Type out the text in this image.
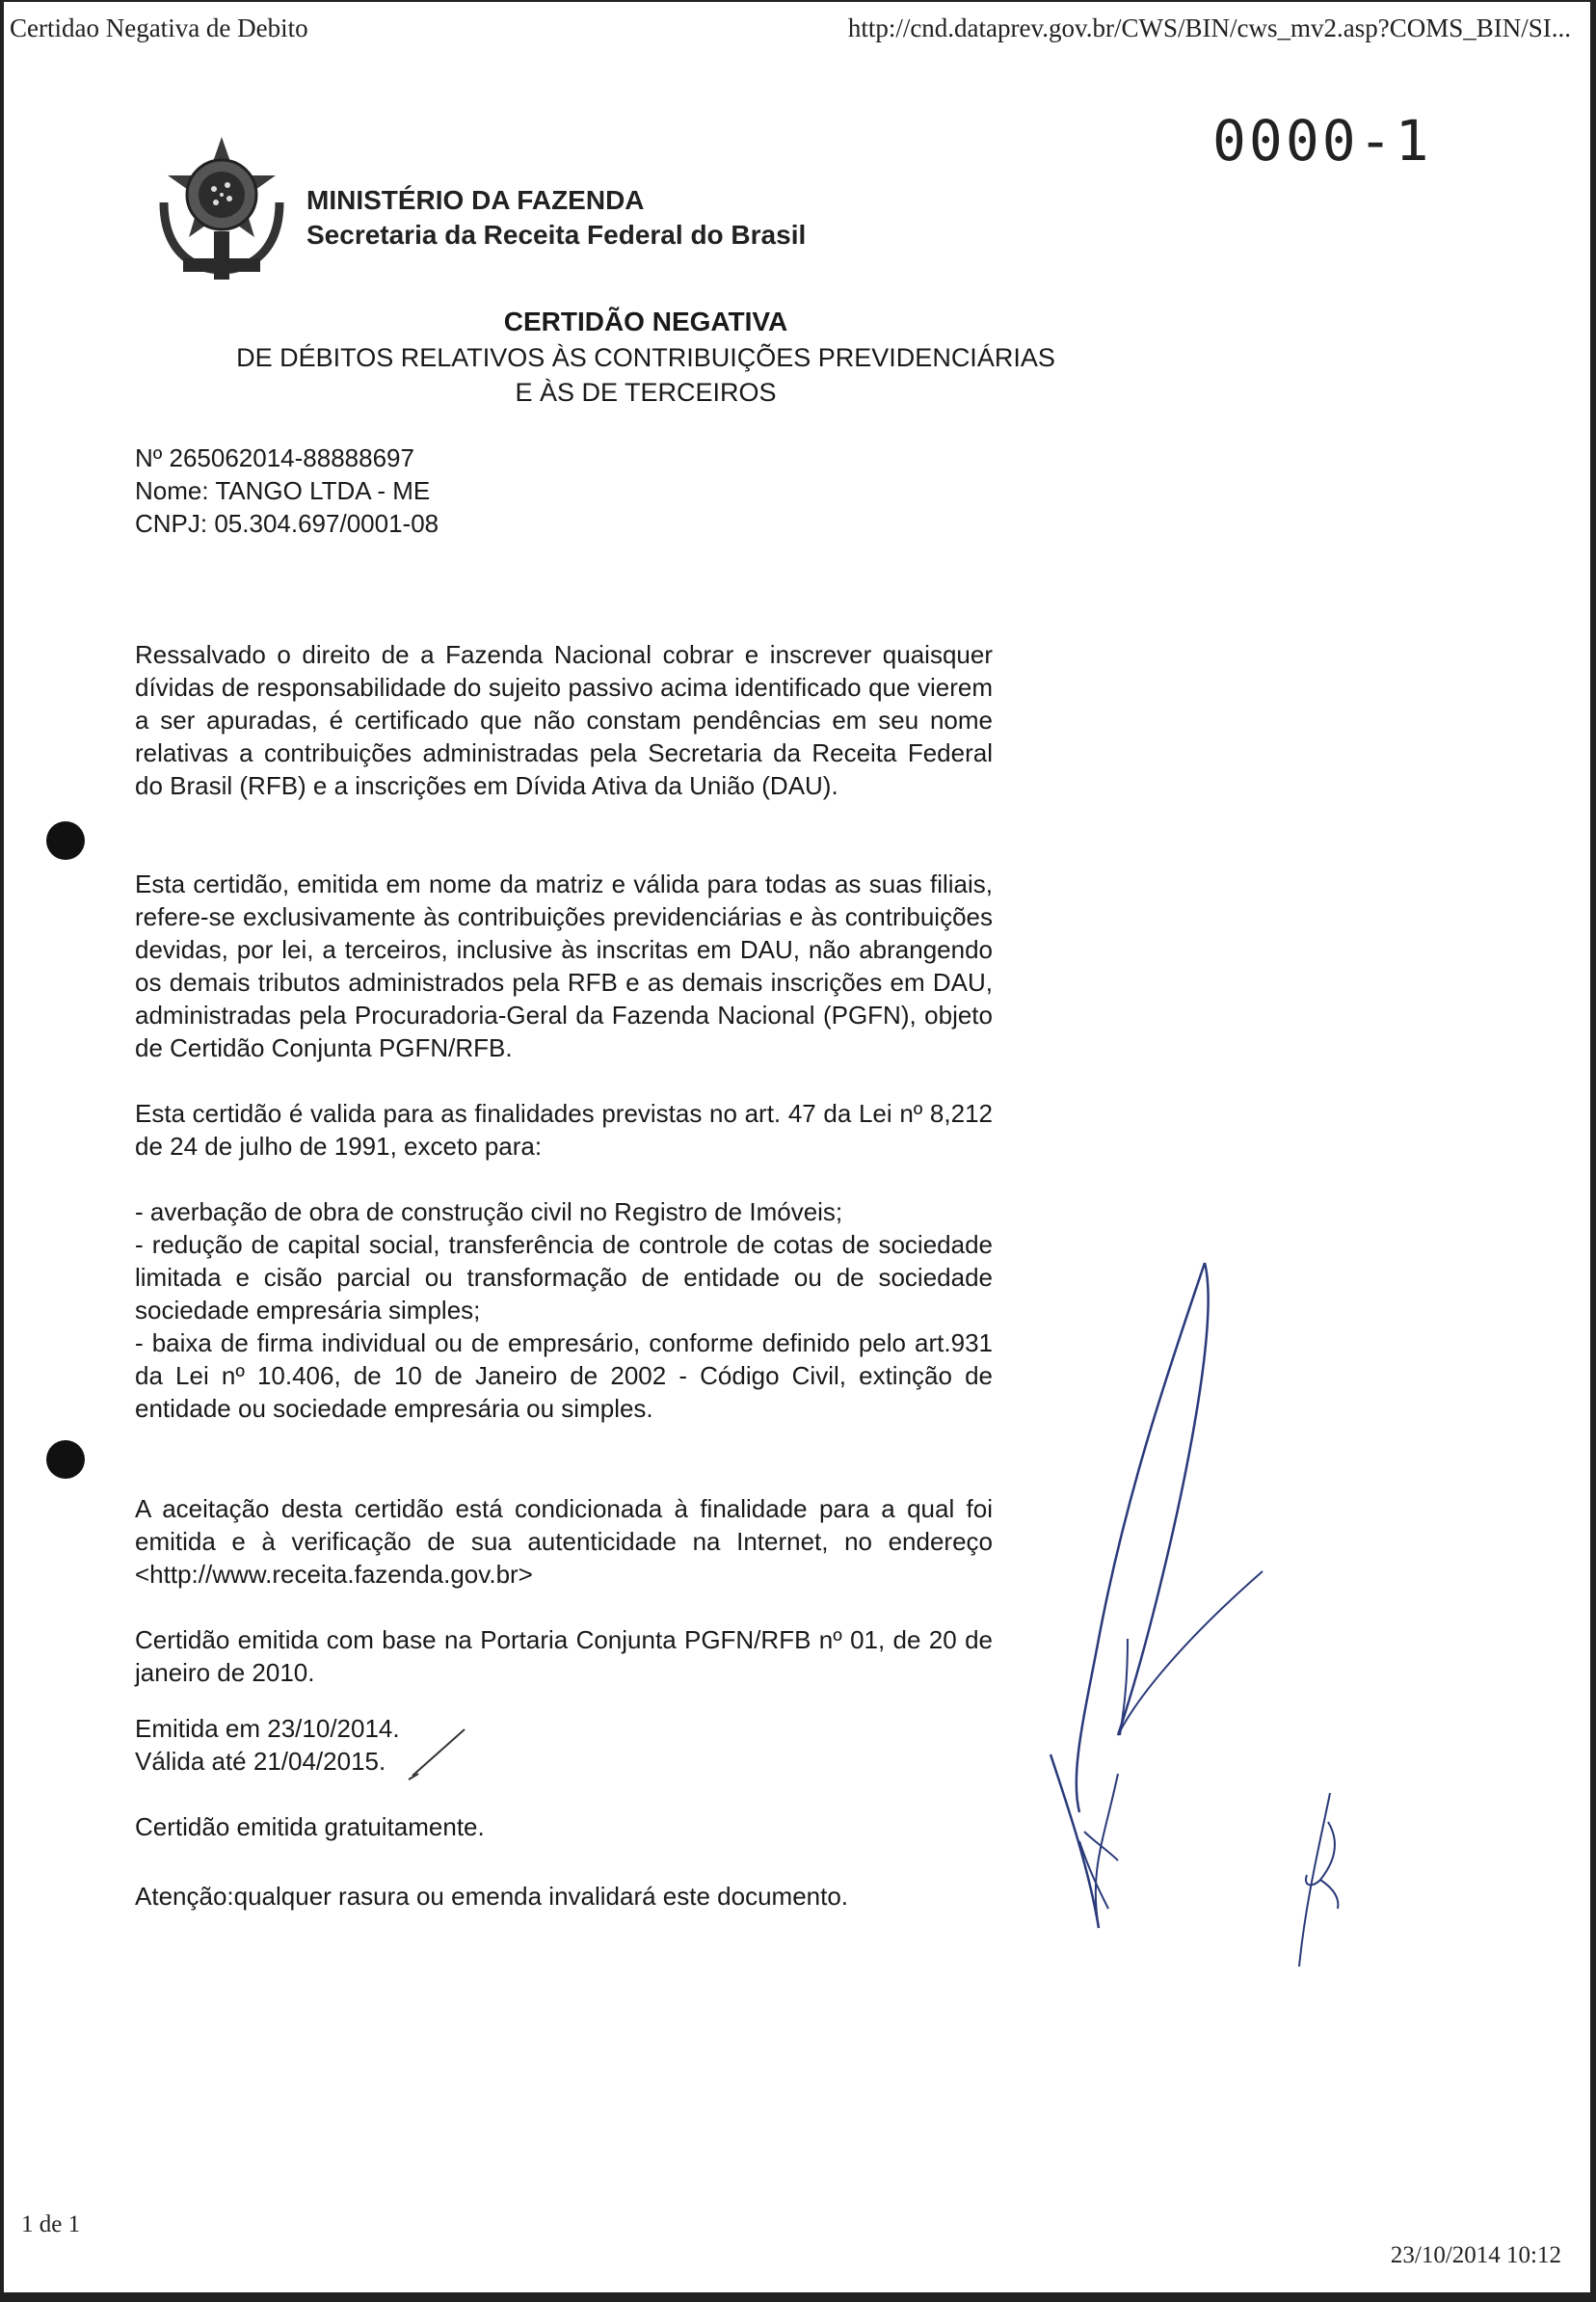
Certidao Negativa de Debito	http://cnd.dataprev.gov.br/CWS/BIN/cws_mv2.asp?COMS_BIN/SI...
0000-1
MINISTÉRIO DA FAZENDA
Secretaria da Receita Federal do Brasil
CERTIDÃO NEGATIVA
DE DÉBITOS RELATIVOS ÀS CONTRIBUIÇÕES PREVIDENCIÁRIAS
E ÀS DE TERCEIROS
Nº 265062014-88888697
Nome: TANGO LTDA - ME
CNPJ: 05.304.697/0001-08
Ressalvado o direito de a Fazenda Nacional cobrar e inscrever quaisquer dívidas de responsabilidade do sujeito passivo acima identificado que vierem a ser apuradas, é certificado que não constam pendências em seu nome relativas a contribuições administradas pela Secretaria da Receita Federal do Brasil (RFB) e a inscrições em Dívida Ativa da União (DAU).
Esta certidão, emitida em nome da matriz e válida para todas as suas filiais, refere-se exclusivamente às contribuições previdenciárias e às contribuições devidas, por lei, a terceiros, inclusive às inscritas em DAU, não abrangendo os demais tributos administrados pela RFB e as demais inscrições em DAU, administradas pela Procuradoria-Geral da Fazenda Nacional (PGFN), objeto de Certidão Conjunta PGFN/RFB.
Esta certidão é valida para as finalidades previstas no art. 47 da Lei nº 8,212 de 24 de julho de 1991, exceto para:
- averbação de obra de construção civil no Registro de Imóveis;
- redução de capital social, transferência de controle de cotas de sociedade limitada e cisão parcial ou transformação de entidade ou de sociedade sociedade empresária simples;
- baixa de firma individual ou de empresário, conforme definido pelo art.931 da Lei nº 10.406, de 10 de Janeiro de 2002 - Código Civil, extinção de entidade ou sociedade empresária ou simples.
A aceitação desta certidão está condicionada à finalidade para a qual foi emitida e à verificação de sua autenticidade na Internet, no endereço <http://www.receita.fazenda.gov.br>
Certidão emitida com base na Portaria Conjunta PGFN/RFB nº 01, de 20 de janeiro de 2010.
Emitida em 23/10/2014.
Válida até 21/04/2015.
Certidão emitida gratuitamente.
Atenção:qualquer rasura ou emenda invalidará este documento.
1 de 1
23/10/2014 10:12
